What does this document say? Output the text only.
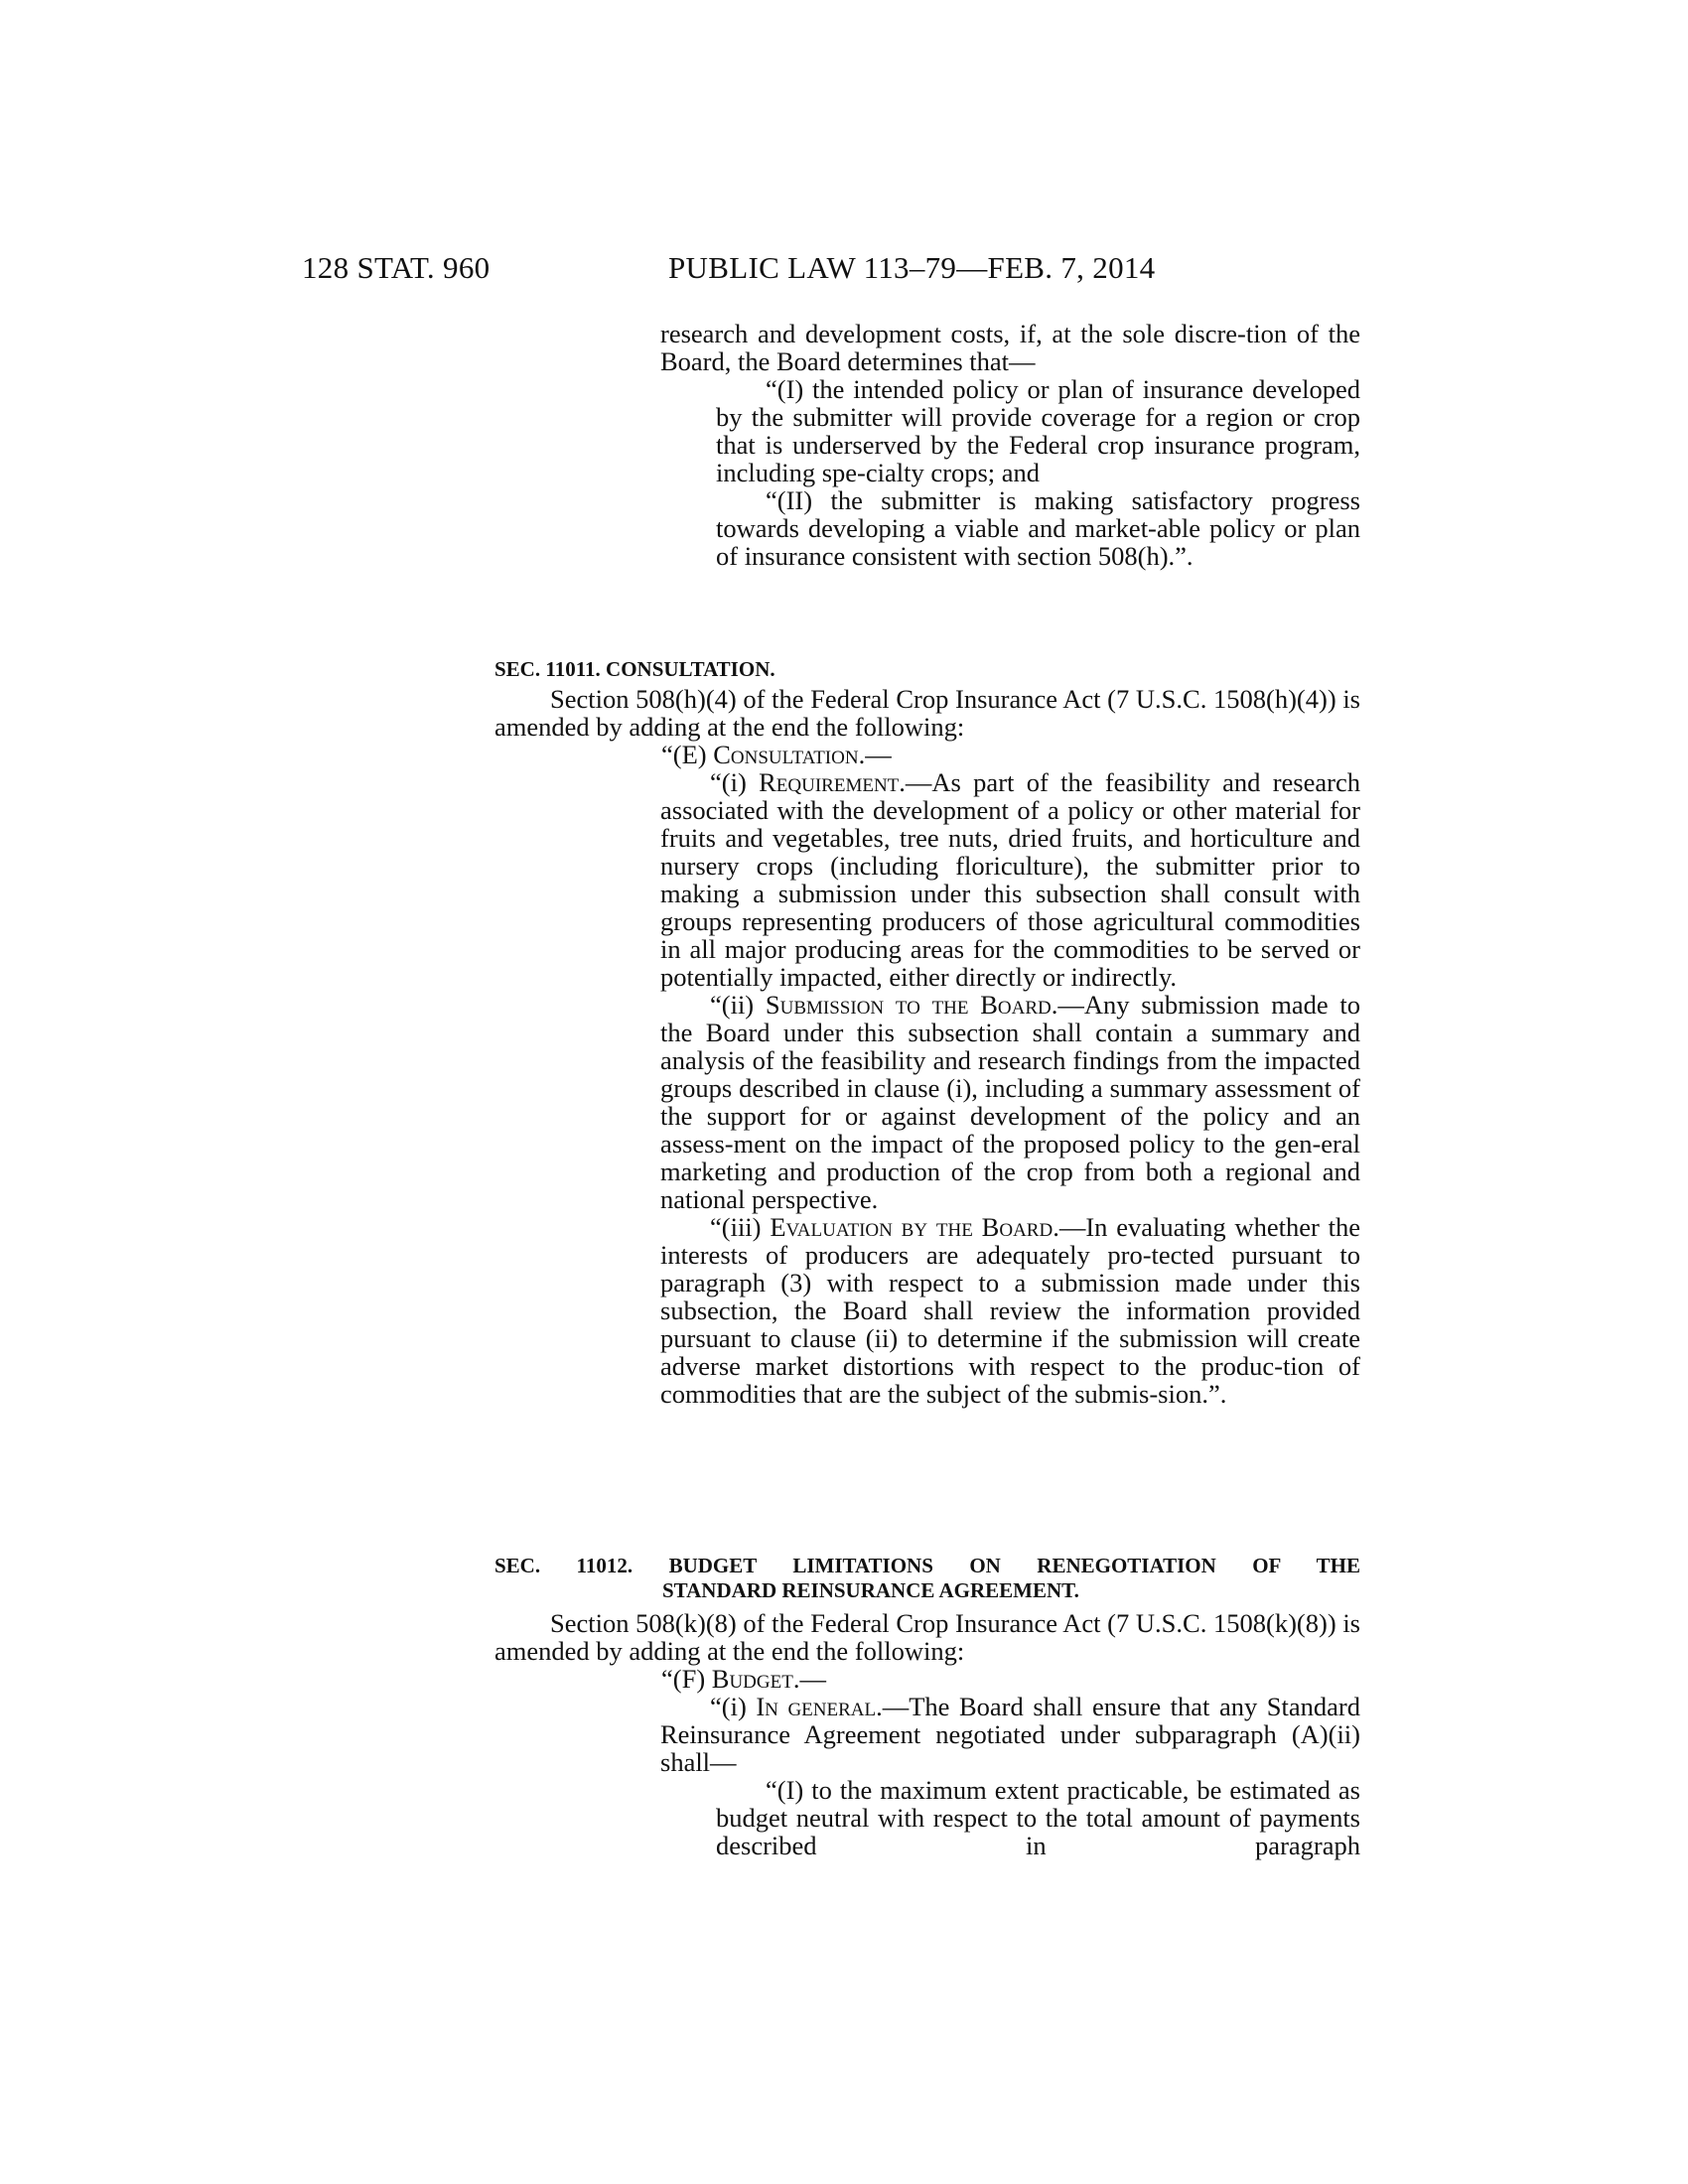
128 STAT. 960	PUBLIC LAW 113–79—FEB. 7, 2014

research and development costs, if, at the sole discre-tion of the Board, the Board determines that—

“(I) the intended policy or plan of insurance developed by the submitter will provide coverage for a region or crop that is underserved by the Federal crop insurance program, including spe-cialty crops; and

“(II) the submitter is making satisfactory progress towards developing a viable and market-able policy or plan of insurance consistent with section 508(h).”.

SEC. 11011. CONSULTATION.

Section 508(h)(4) of the Federal Crop Insurance Act (7 U.S.C. 1508(h)(4)) is amended by adding at the end the following:

“(E) Consultation.—

“(i) Requirement.—As part of the feasibility and research associated with the development of a policy or other material for fruits and vegetables, tree nuts, dried fruits, and horticulture and nursery crops (including floriculture), the submitter prior to making a submission under this subsection shall consult with groups representing producers of those agricultural commodities in all major producing areas for the commodities to be served or potentially impacted, either directly or indirectly.

“(ii) Submission to the Board.—Any submission made to the Board under this subsection shall contain a summary and analysis of the feasibility and research findings from the impacted groups described in clause (i), including a summary assessment of the support for or against development of the policy and an assess-ment on the impact of the proposed policy to the gen-eral marketing and production of the crop from both a regional and national perspective.

“(iii) Evaluation by the Board.—In evaluating whether the interests of producers are adequately pro-tected pursuant to paragraph (3) with respect to a submission made under this subsection, the Board shall review the information provided pursuant to clause (ii) to determine if the submission will create adverse market distortions with respect to the produc-tion of commodities that are the subject of the submis-sion.”.

SEC. 11012. BUDGET LIMITATIONS ON RENEGOTIATION OF THE
STANDARD REINSURANCE AGREEMENT.

Section 508(k)(8) of the Federal Crop Insurance Act (7 U.S.C. 1508(k)(8)) is amended by adding at the end the following:

“(F) Budget.—

“(i) In general.—The Board shall ensure that any Standard Reinsurance Agreement negotiated under subparagraph (A)(ii) shall—

“(I) to the maximum extent practicable, be estimated as budget neutral with respect to the total amount of payments described in paragraph
